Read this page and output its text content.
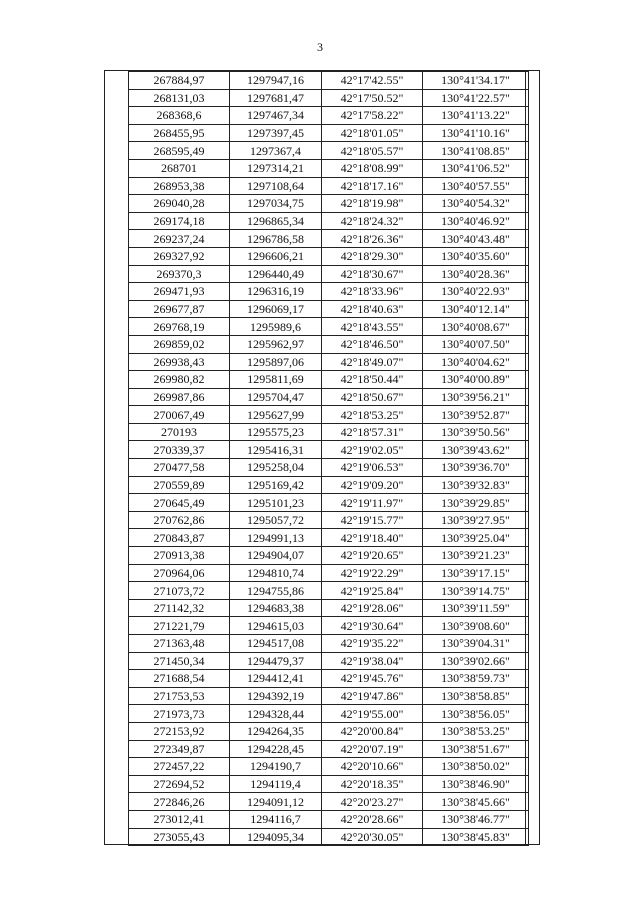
3
267884,97	1297947,16	42°17'42.55"	130°41'34.17"
268131,03	1297681,47	42°17'50.52"	130°41'22.57"
268368,6	1297467,34	42°17'58.22"	130°41'13.22"
268455,95	1297397,45	42°18'01.05"	130°41'10.16"
268595,49	1297367,4	42°18'05.57"	130°41'08.85"
268701	1297314,21	42°18'08.99"	130°41'06.52"
268953,38	1297108,64	42°18'17.16"	130°40'57.55"
269040,28	1297034,75	42°18'19.98"	130°40'54.32"
269174,18	1296865,34	42°18'24.32"	130°40'46.92"
269237,24	1296786,58	42°18'26.36"	130°40'43.48"
269327,92	1296606,21	42°18'29.30"	130°40'35.60"
269370,3	1296440,49	42°18'30.67"	130°40'28.36"
269471,93	1296316,19	42°18'33.96"	130°40'22.93"
269677,87	1296069,17	42°18'40.63"	130°40'12.14"
269768,19	1295989,6	42°18'43.55"	130°40'08.67"
269859,02	1295962,97	42°18'46.50"	130°40'07.50"
269938,43	1295897,06	42°18'49.07"	130°40'04.62"
269980,82	1295811,69	42°18'50.44"	130°40'00.89"
269987,86	1295704,47	42°18'50.67"	130°39'56.21"
270067,49	1295627,99	42°18'53.25"	130°39'52.87"
270193	1295575,23	42°18'57.31"	130°39'50.56"
270339,37	1295416,31	42°19'02.05"	130°39'43.62"
270477,58	1295258,04	42°19'06.53"	130°39'36.70"
270559,89	1295169,42	42°19'09.20"	130°39'32.83"
270645,49	1295101,23	42°19'11.97"	130°39'29.85"
270762,86	1295057,72	42°19'15.77"	130°39'27.95"
270843,87	1294991,13	42°19'18.40"	130°39'25.04"
270913,38	1294904,07	42°19'20.65"	130°39'21.23"
270964,06	1294810,74	42°19'22.29"	130°39'17.15"
271073,72	1294755,86	42°19'25.84"	130°39'14.75"
271142,32	1294683,38	42°19'28.06"	130°39'11.59"
271221,79	1294615,03	42°19'30.64"	130°39'08.60"
271363,48	1294517,08	42°19'35.22"	130°39'04.31"
271450,34	1294479,37	42°19'38.04"	130°39'02.66"
271688,54	1294412,41	42°19'45.76"	130°38'59.73"
271753,53	1294392,19	42°19'47.86"	130°38'58.85"
271973,73	1294328,44	42°19'55.00"	130°38'56.05"
272153,92	1294264,35	42°20'00.84"	130°38'53.25"
272349,87	1294228,45	42°20'07.19"	130°38'51.67"
272457,22	1294190,7	42°20'10.66"	130°38'50.02"
272694,52	1294119,4	42°20'18.35"	130°38'46.90"
272846,26	1294091,12	42°20'23.27"	130°38'45.66"
273012,41	1294116,7	42°20'28.66"	130°38'46.77"
273055,43	1294095,34	42°20'30.05"	130°38'45.83"
